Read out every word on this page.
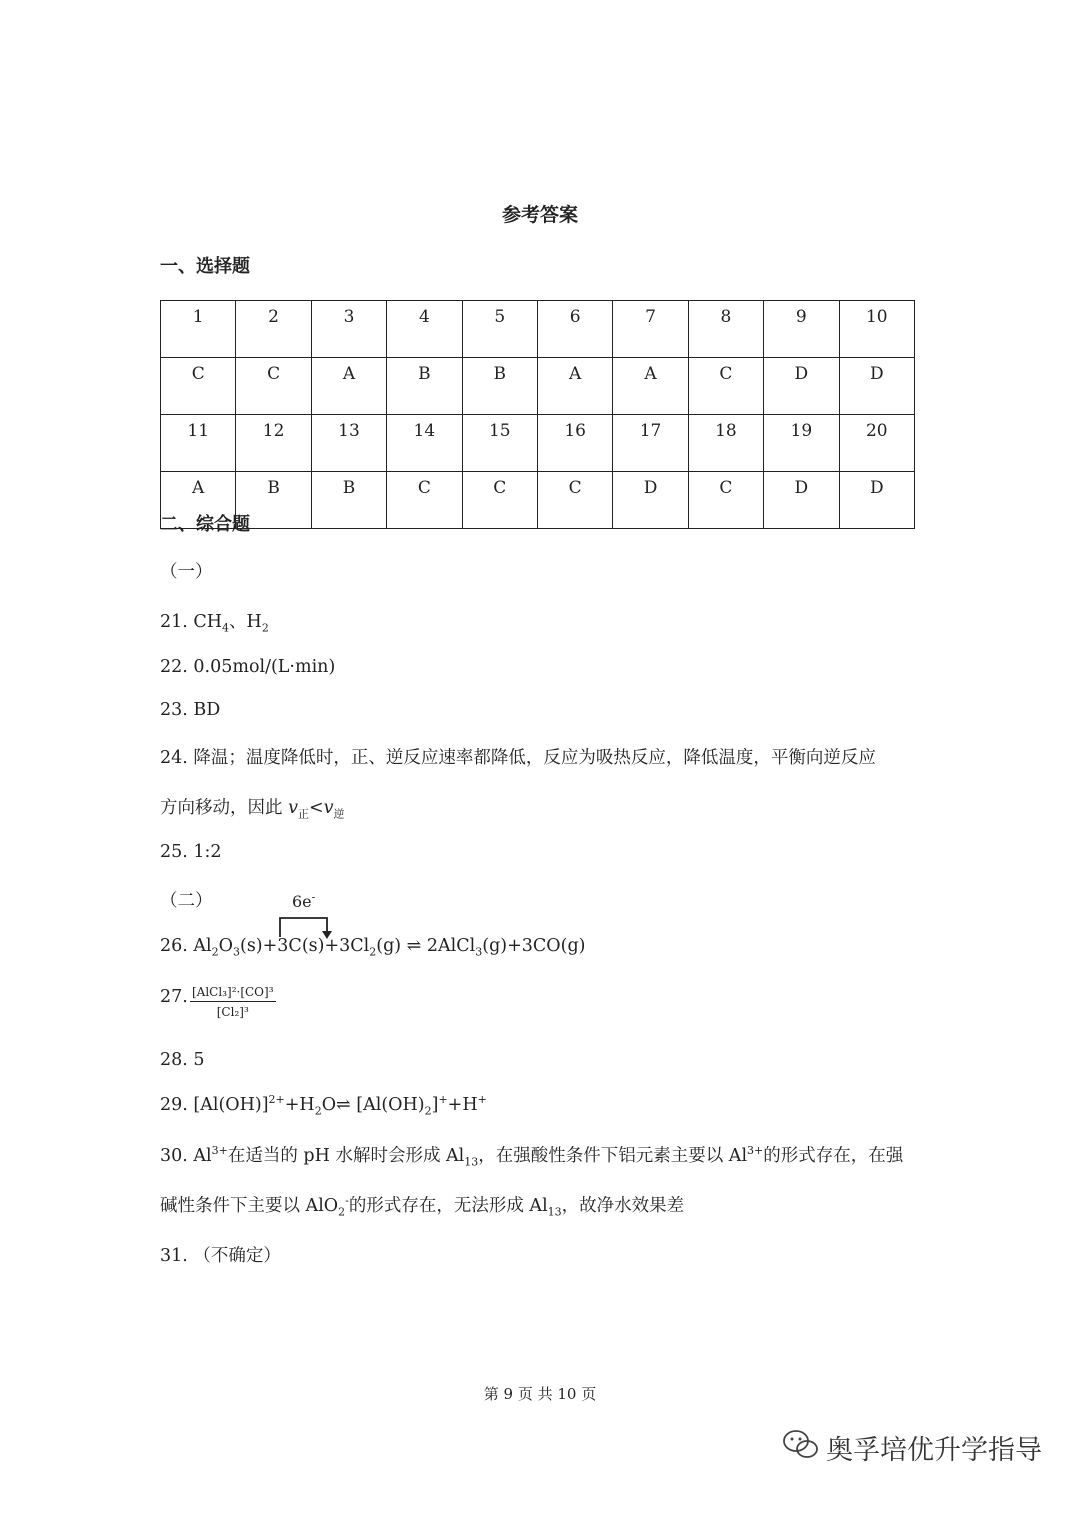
参考答案
一、选择题
1	2	3	4	5	6	7	8	9	10
C	C	A	B	B	A	A	C	D	D
11	12	13	14	15	16	17	18	19	20
A	B	B	C	C	C	D	C	D	D
二、综合题
（一）
21. $CH_4$、$H_2$
22. 0.05mol/(L·min)
23. BD
24. 降温；温度降低时，正、逆反应速率都降低，反应为吸热反应，降低温度，平衡向逆反应
方向移动，因此 $v_正<v_逆$
25. 1:2
（二）	6e-
26. $Al_2O_3(s)+3C(s)+3Cl_2(g)$ ⇌ 2AlCl$_3$(g)+3CO(g)
27. [AlCl₃]²·[CO]³
[Cl₂]³
28. 5
29. $[Al(OH)]^{2+}+H_2O\rightleftharpoons$ $[Al(OH)_2]^++H^+$
30. $Al^{3+}$在适当的 pH 水解时会形成 $Al_{13}$，在强酸性条件下铝元素主要以 $Al^{3+}$的形式存在，在强
碱性条件下主要以 AlO$_2$-的形式存在，无法形成 $Al_{13}$，故净水效果差
31. （不确定）
第 9 页 共 10 页
奥孚培优升学指导
